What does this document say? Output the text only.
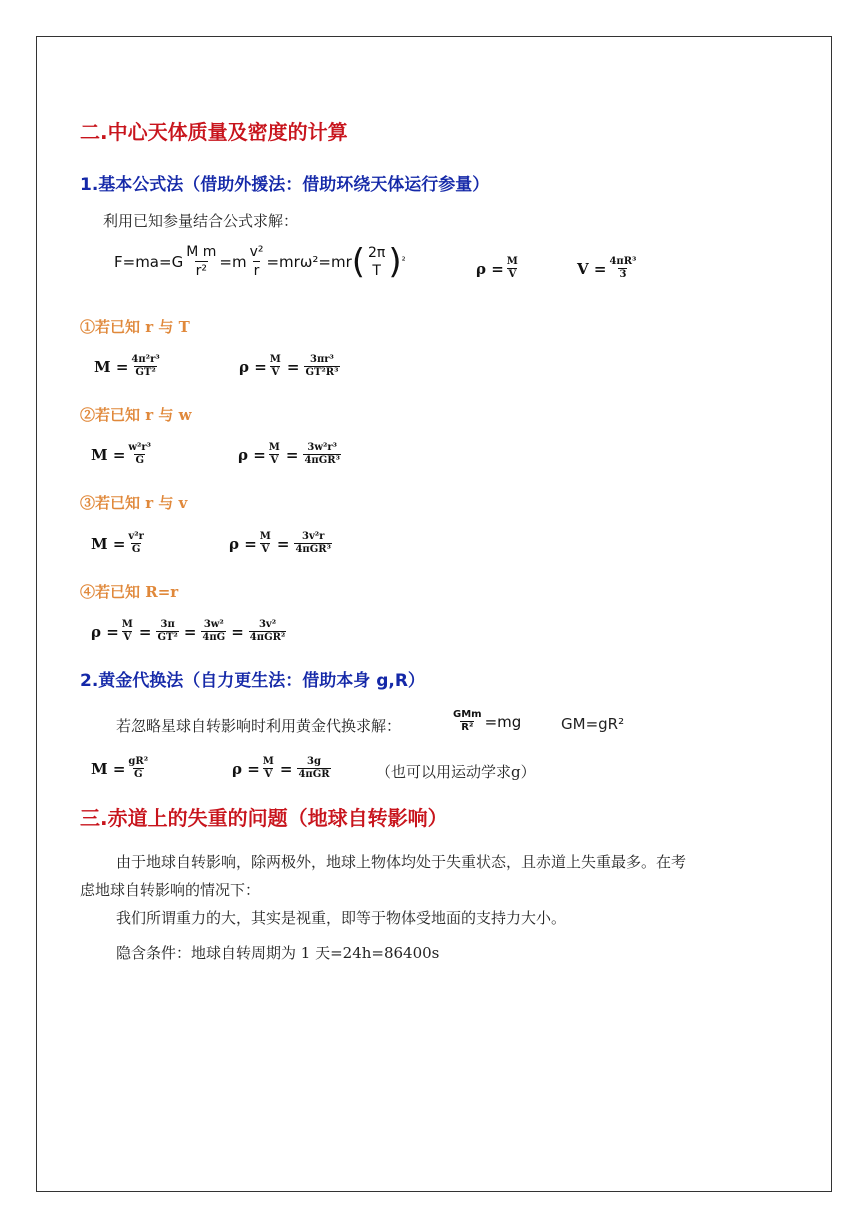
二.中心天体质量及密度的计算
1.基本公式法（借助外援法：借助环绕天体运行参量）
利用已知参量结合公式求解：
$F=ma=G \frac{\text{M m}}{\text{r²}} =m \frac{\text{v²}}{r} =mr\omega^2=mr$ ( 2π
T ) ²	$\rho = \frac{M}{V}$	$V = \frac{\text{4πR³}}{3}$
①若已知 r 与 T
$M = \frac{\text{4π²r³}}{\text{GT²}}$	$\rho = \frac{M}{V} = \frac{\text{3πr³}}{\text{GT²R³}}$
②若已知 r 与 w
$M = \frac{\text{w²r³}}{G}$	$\rho = \frac{M}{V} = \frac{\text{3w²r³}}{\text{4πGR³}}$
③若已知 r 与 v
$M = \frac{\text{v²r}}{G}$	$\rho = \frac{M}{V} = \frac{\text{3v²r}}{\text{4πGR³}}$
④若已知 R=r
$\rho = \frac{M}{V} = \frac{3\pi}{\text{GT²}} = \frac{\text{3w²}}{4\pi G} = \frac{\text{3v²}}{\text{4πGR²}}$
2.黄金代换法（自力更生法：借助本身 g,R）
若忽略星球自转影响时利用黄金代换求解：	$\frac{\text{GMm}}{\text{R²}} =mg$	GM=gR²
$M = \frac{\text{gR²}}{G}$	$\rho = \frac{M}{V} = \frac{3g}{\text{4πGR}}$	（也可以用运动学求g）
三.赤道上的失重的问题（地球自转影响）
由于地球自转影响，除两极外，地球上物体均处于失重状态，且赤道上失重最多。在考
虑地球自转影响的情况下：
我们所谓重力的大，其实是视重，即等于物体受地面的支持力大小。
隐含条件：地球自转周期为 1 天=24h=86400s
